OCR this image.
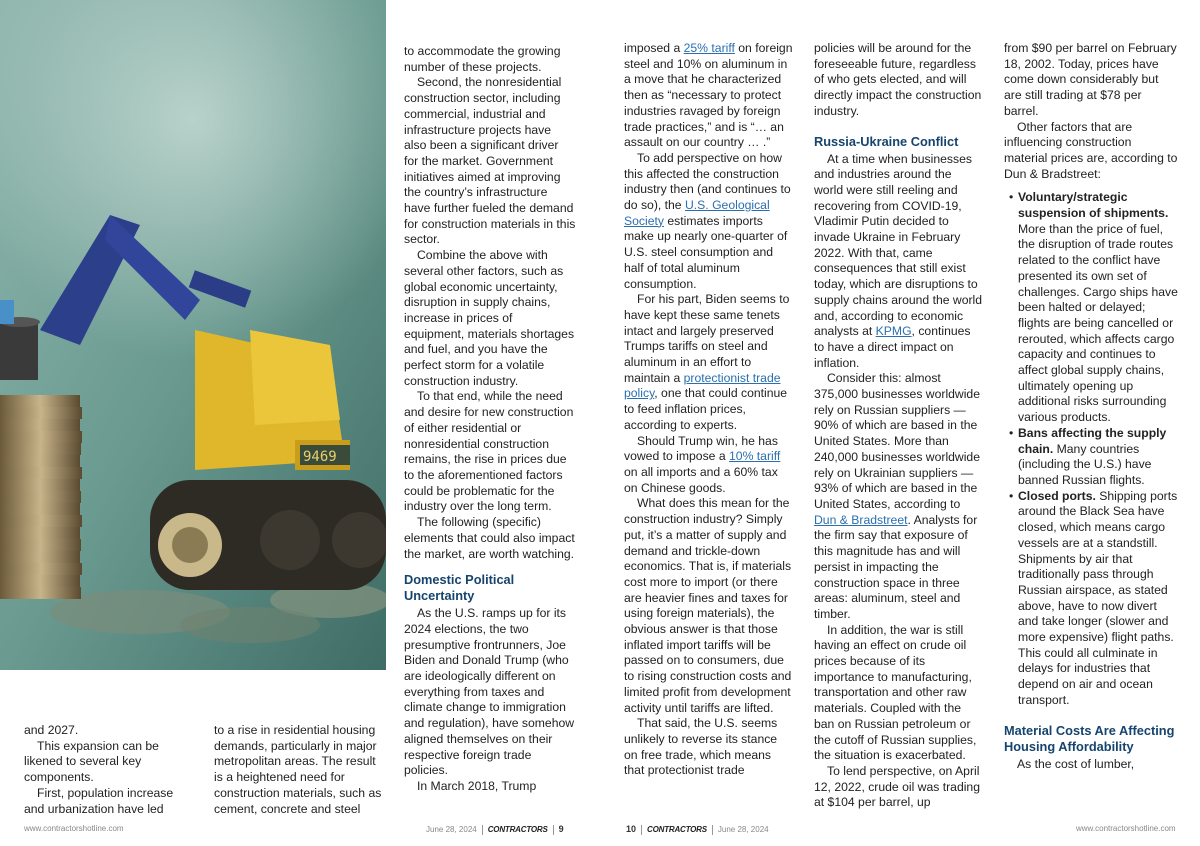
9469

and 2027.

This expansion can be likened to several key components.

First, population increase and urbanization have led

to a rise in residential housing demands, particularly in major metropolitan areas. The result is a heightened need for construction materials, such as cement, concrete and steel

to accommodate the growing number of these projects.

Second, the nonresidential construction sector, including commercial, industrial and infrastructure projects have also been a significant driver for the market. Government initiatives aimed at improving the country’s infrastructure have further fueled the demand for construction materials in this sector.

Combine the above with several other factors, such as global economic uncertainty, disruption in supply chains, increase in prices of equipment, materials shortages and fuel, and you have the perfect storm for a volatile construction industry.

To that end, while the need and desire for new construction of either residential or nonresidential construction remains, the rise in prices due to the aforementioned factors could be problematic for the industry over the long term.

The following (specific) elements that could also impact the market, are worth watching.

Domestic Political Uncertainty

As the U.S. ramps up for its 2024 elections, the two presumptive frontrunners, Joe Biden and Donald Trump (who are ideologically different on everything from taxes and climate change to immigration and regulation), have somehow aligned themselves on their respective foreign trade policies.

In March 2018, Trump

imposed a 25% tariff on foreign steel and 10% on aluminum in a move that he characterized then as “necessary to protect industries ravaged by foreign trade practices,” and is “… an assault on our country … .”

To add perspective on how this affected the construction industry then (and continues to do so), the U.S. Geological Society estimates imports make up nearly one-quarter of U.S. steel consumption and half of total aluminum consumption.

For his part, Biden seems to have kept these same tenets intact and largely preserved Trumps tariffs on steel and aluminum in an effort to maintain a protectionist trade policy, one that could continue to feed inflation prices, according to experts.

Should Trump win, he has vowed to impose a 10% tariff on all imports and a 60% tax on Chinese goods.

What does this mean for the construction industry? Simply put, it’s a matter of supply and demand and trickle-down economics. That is, if materials cost more to import (or there are heavier fines and taxes for using foreign materials), the obvious answer is that those inflated import tariffs will be passed on to consumers, due to rising construction costs and limited profit from development activity until tariffs are lifted.

That said, the U.S. seems unlikely to reverse its stance on free trade, which means that protectionist trade

policies will be around for the foreseeable future, regardless of who gets elected, and will directly impact the construction industry.

Russia-Ukraine Conflict

At a time when businesses and industries around the world were still reeling and recovering from COVID-19, Vladimir Putin decided to invade Ukraine in February 2022. With that, came consequences that still exist today, which are disruptions to supply chains around the world and, according to economic analysts at KPMG, continues to have a direct impact on inflation.

Consider this: almost 375,000 businesses worldwide rely on Russian suppliers —90% of which are based in the United States. More than 240,000 businesses worldwide rely on Ukrainian suppliers — 93% of which are based in the United States, according to Dun & Bradstreet. Analysts for the firm say that exposure of this magnitude has and will persist in impacting the construction space in three areas: aluminum, steel and timber.

In addition, the war is still having an effect on crude oil prices because of its importance to manufacturing, transportation and other raw materials. Coupled with the ban on Russian petroleum or the cutoff of Russian supplies, the situation is exacerbated.

To lend perspective, on April 12, 2022, crude oil was trading at $104 per barrel, up

from $90 per barrel on February 18, 2002. Today, prices have come down considerably but are still trading at $78 per barrel.

Other factors that are influencing construction material prices are, according to Dun & Bradstreet:

• Voluntary/strategic suspension of shipments. More than the price of fuel, the disruption of trade routes related to the conflict have presented its own set of challenges. Cargo ships have been halted or delayed; flights are being cancelled or rerouted, which affects cargo capacity and continues to affect global supply chains, ultimately opening up additional risks surrounding various products.
• Bans affecting the supply chain. Many countries (including the U.S.) have banned Russian flights.
• Closed ports. Shipping ports around the Black Sea have closed, which means cargo vessels are at a standstill. Shipments by air that traditionally pass through Russian airspace, as stated above, have to now divert and take longer (slower and more expensive) flight paths. This could all culminate in delays for industries that depend on air and ocean transport.
Material Costs Are Affecting Housing Affordability

As the cost of lumber,

www.contractorshotline.com	June 28, 2024 CONTRACTORS 9	10 CONTRACTORS June 28, 2024	www.contractorshotline.com
